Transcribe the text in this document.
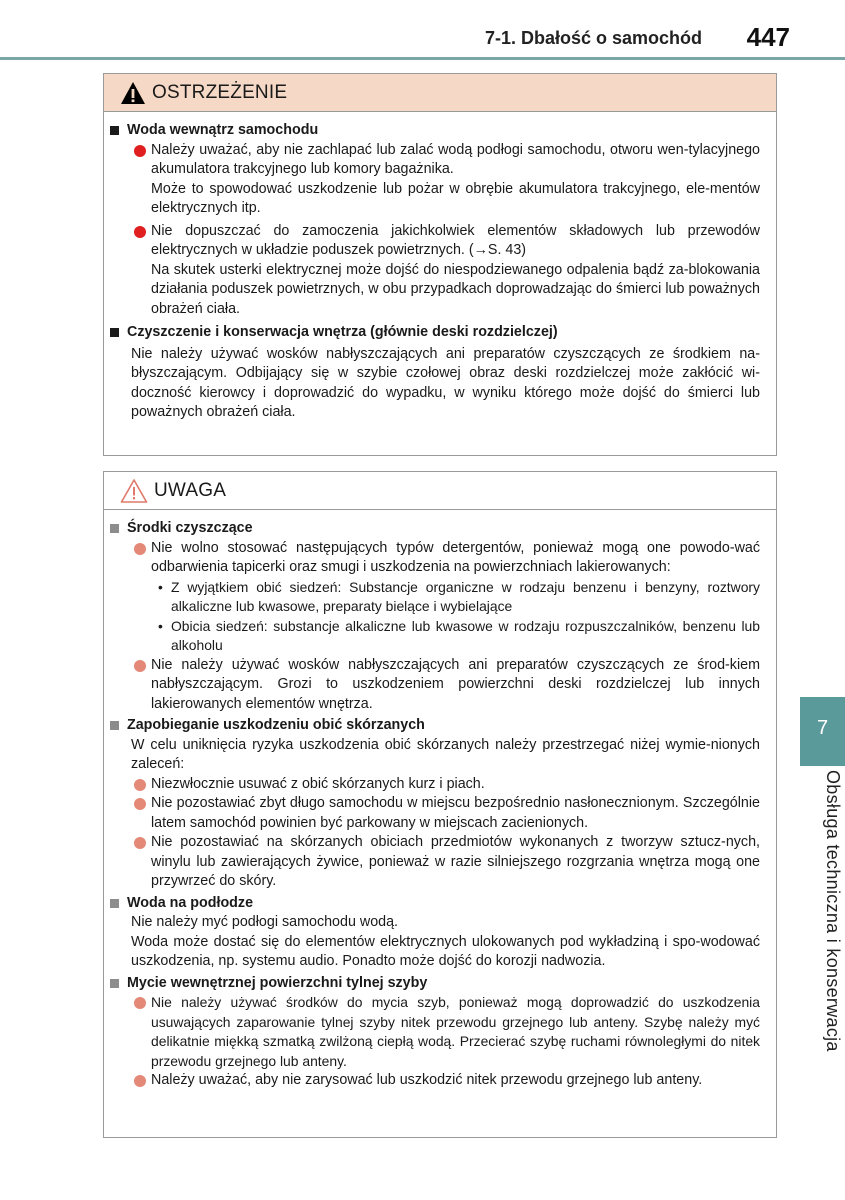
7-1. Dbałość o samochód	447
OSTRZEŻENIE
Woda wewnątrz samochodu
Należy uważać, aby nie zachlapać lub zalać wodą podłogi samochodu, otworu wen-tylacyjnego akumulatora trakcyjnego lub komory bagażnika.
Może to spowodować uszkodzenie lub pożar w obrębie akumulatora trakcyjnego, ele-mentów elektrycznych itp.
Nie dopuszczać do zamoczenia jakichkolwiek elementów składowych lub przewodów elektrycznych w układzie poduszek powietrznych. (→S. 43)
Na skutek usterki elektrycznej może dojść do niespodziewanego odpalenia bądź za-blokowania działania poduszek powietrznych, w obu przypadkach doprowadzając do śmierci lub poważnych obrażeń ciała.
Czyszczenie i konserwacja wnętrza (głównie deski rozdzielczej)
Nie należy używać wosków nabłyszczających ani preparatów czyszczących ze środkiem na-błyszczającym. Odbijający się w szybie czołowej obraz deski rozdzielczej może zakłócić wi-doczność kierowcy i doprowadzić do wypadku, w wyniku którego może dojść do śmierci lub poważnych obrażeń ciała.
UWAGA
Środki czyszczące
Nie wolno stosować następujących typów detergentów, ponieważ mogą one powodo-wać odbarwienia tapicerki oraz smugi i uszkodzenia na powierzchniach lakierowanych:
• Z wyjątkiem obić siedzeń: Substancje organiczne w rodzaju benzenu i benzyny, roztwory alkaliczne lub kwasowe, preparaty bielące i wybielające
• Obicia siedzeń: substancje alkaliczne lub kwasowe w rodzaju rozpuszczalników, benzenu lub alkoholu
Nie należy używać wosków nabłyszczających ani preparatów czyszczących ze środ-kiem nabłyszczającym. Grozi to uszkodzeniem powierzchni deski rozdzielczej lub innych lakierowanych elementów wnętrza.
Zapobieganie uszkodzeniu obić skórzanych
W celu uniknięcia ryzyka uszkodzenia obić skórzanych należy przestrzegać niżej wymie-nionych zaleceń:
Niezwłocznie usuwać z obić skórzanych kurz i piach.
Nie pozostawiać zbyt długo samochodu w miejscu bezpośrednio nasłonecznionym. Szczególnie latem samochód powinien być parkowany w miejscach zacienionych.
Nie pozostawiać na skórzanych obiciach przedmiotów wykonanych z tworzyw sztucz-nych, winylu lub zawierających żywice, ponieważ w razie silniejszego rozgrzania wnętrza mogą one przywrzeć do skóry.
Woda na podłodze
Nie należy myć podłogi samochodu wodą.
Woda może dostać się do elementów elektrycznych ulokowanych pod wykładziną i spo-wodować uszkodzenia, np. systemu audio. Ponadto może dojść do korozji nadwozia.
Mycie wewnętrznej powierzchni tylnej szyby
Nie należy używać środków do mycia szyb, ponieważ mogą doprowadzić do uszkodzenia usuwających zaparowanie tylnej szyby nitek przewodu grzejnego lub anteny. Szybę należy myć delikatnie miękką szmatką zwilżoną ciepłą wodą. Przecierać szybę ruchami równoległymi do nitek przewodu grzejnego lub anteny.
Należy uważać, aby nie zarysować lub uszkodzić nitek przewodu grzejnego lub anteny.
7
Obsługa techniczna i konserwacja
